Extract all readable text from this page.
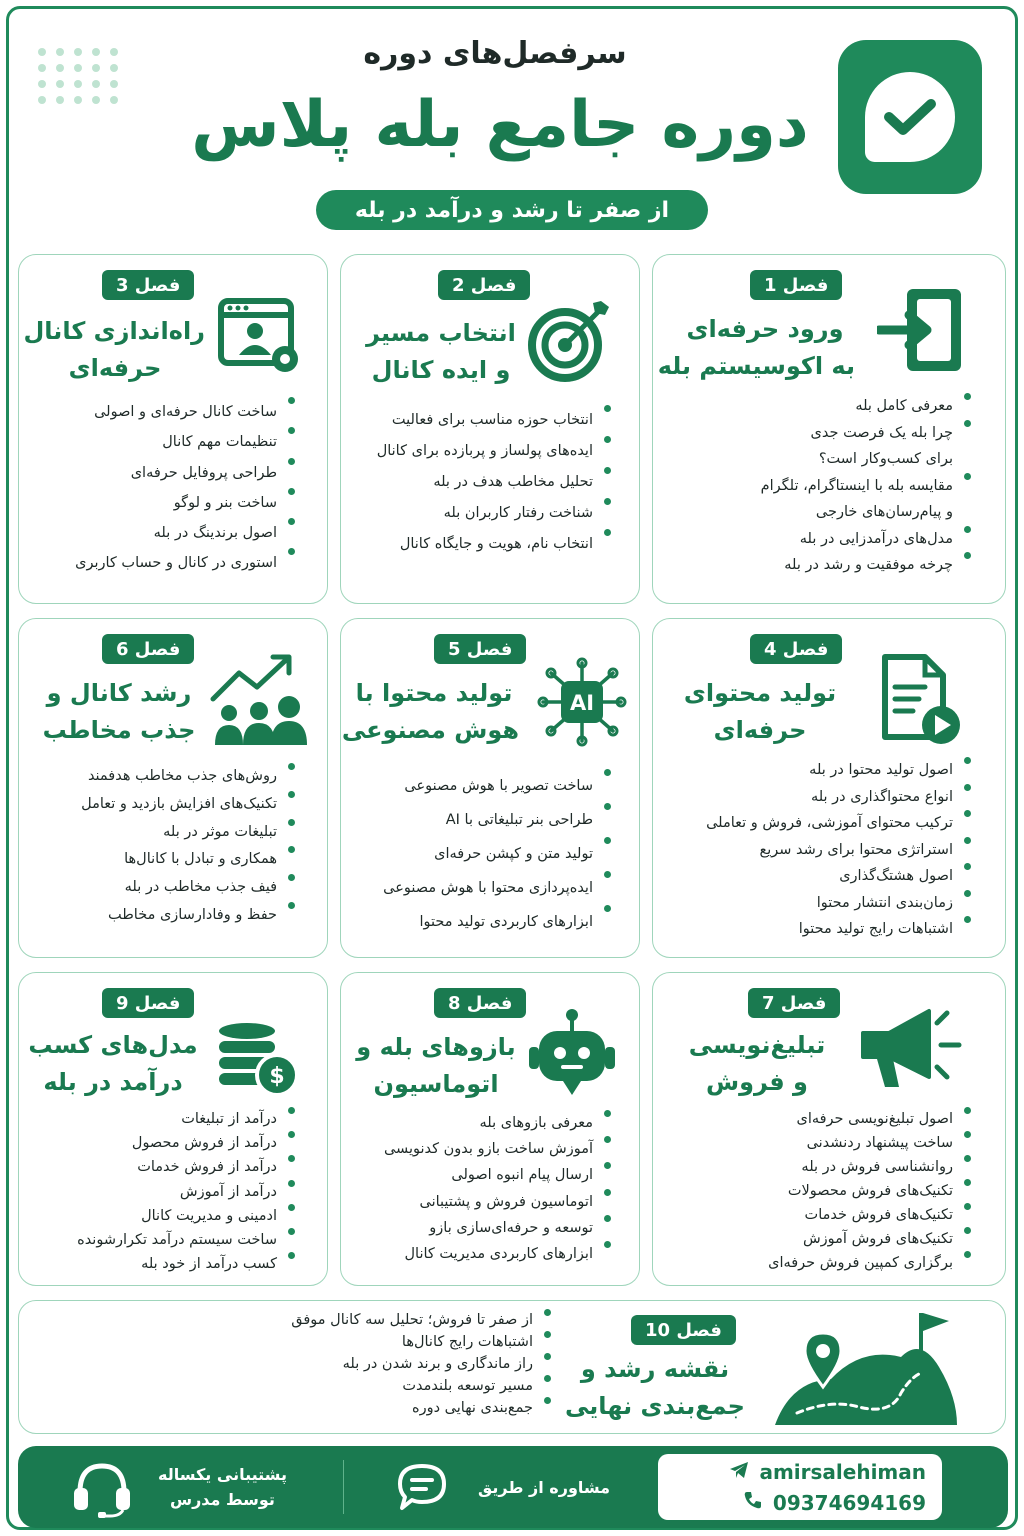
سرفصل‌های دوره
دوره جامع بله پلاس
از صفر تا رشد و درآمد در بله
فصل 1
ورود حرفه‌ای
به اکوسیستم بله
معرفی کامل بله
چرا بله یک فرصت جدی
برای کسب‌وکار است؟
مقایسه بله با اینستاگرام، تلگرام
و پیام‌رسان‌های خارجی
مدل‌های درآمدزایی در بله
چرخه موفقیت و رشد در بله
فصل 2
انتخاب مسیر
و ایده کانال
انتخاب حوزه مناسب برای فعالیت
ایده‌های پولساز و پربازده برای کانال
تحلیل مخاطب هدف در بله
شناخت رفتار کاربران بله
انتخاب نام، هویت و جایگاه کانال
فصل 3
راه‌اندازی کانال
حرفه‌ای
ساخت کانال حرفه‌ای و اصولی
تنظیمات مهم کانال
طراحی پروفایل حرفه‌ای
ساخت بنر و لوگو
اصول برندینگ در بله
استوری در کانال و حساب کاربری
فصل 4
تولید محتوای
حرفه‌ای
اصول تولید محتوا در بله
انواع محتواگذاری در بله
ترکیب محتوای آموزشی، فروش و تعاملی
استراتژی محتوا برای رشد سریع
اصول هشتگ‌گذاری
زمان‌بندی انتشار محتوا
اشتباهات رایج تولید محتوا
فصل 5
AI
تولید محتوا با
هوش مصنوعی
ساخت تصویر با هوش مصنوعی
طراحی بنر تبلیغاتی با AI
تولید متن و کپشن حرفه‌ای
ایده‌پردازی محتوا با هوش مصنوعی
ابزارهای کاربردی تولید محتوا
فصل 6
رشد کانال و
جذب مخاطب
روش‌های جذب مخاطب هدفمند
تکنیک‌های افزایش بازدید و تعامل
تبلیغات موثر در بله
همکاری و تبادل با کانال‌ها
فیف جذب مخاطب در بله
حفظ و وفادارسازی مخاطب
فصل 7
تبلیغ‌نویسی
و فروش
اصول تبلیغ‌نویسی حرفه‌ای
ساخت پیشنهاد ردنشدنی
روانشناسی فروش در بله
تکنیک‌های فروش محصولات
تکنیک‌های فروش خدمات
تکنیک‌های فروش آموزش
برگزاری کمپین فروش حرفه‌ای
فصل 8
بازوهای بله و
اتوماسیون
معرفی بازوهای بله
آموزش ساخت بازو بدون کدنویسی
ارسال پیام انبوه اصولی
اتوماسیون فروش و پشتیبانی
توسعه و حرفه‌ای‌سازی بازو
ابزارهای کاربردی مدیریت کانال
فصل 9
$
مدل‌های کسب
درآمد در بله
درآمد از تبلیغات
درآمد از فروش محصول
درآمد از فروش خدمات
درآمد از آموزش
ادمینی و مدیریت کانال
ساخت سیستم درآمد تکرارشونده
کسب درآمد از خود بله
فصل 10
نقشه رشد و
جمع‌بندی نهایی
از صفر تا فروش؛ تحلیل سه کانال موفق
اشتباهات رایج کانال‌ها
راز ماندگاری و برند شدن در بله
مسیر توسعه بلندمدت
جمع‌بندی نهایی دوره
amirsalehiman
09374694169
مشاوره از طریق
پشتیبانی یکساله
توسط مدرس
